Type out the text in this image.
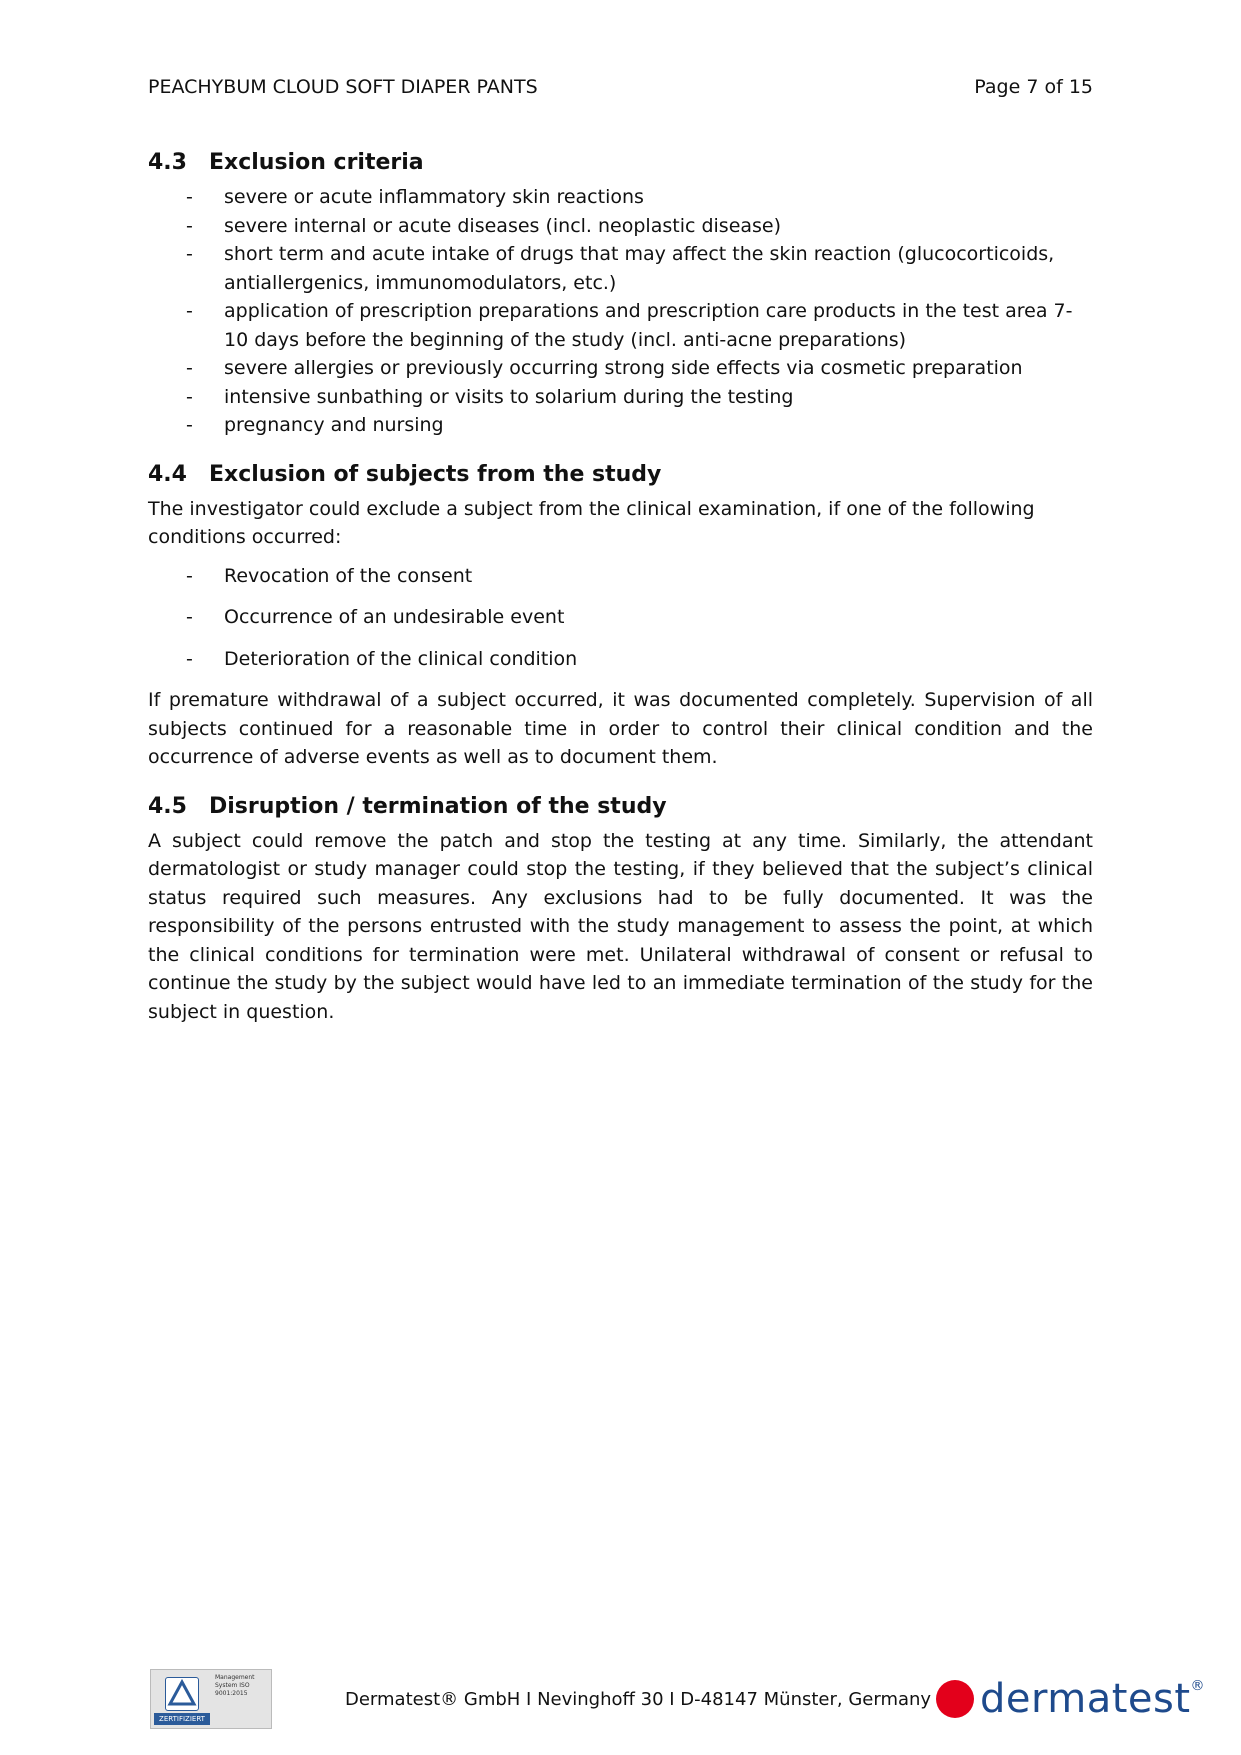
PEACHYBUM CLOUD SOFT DIAPER PANTS	Page 7 of 15
4.3	Exclusion criteria
- severe or acute inflammatory skin reactions
- severe internal or acute diseases (incl. neoplastic disease)
- short term and acute intake of drugs that may affect the skin reaction (glucocorticoids, antiallergenics, immunomodulators, etc.)
- application of prescription preparations and prescription care products in the test area 7-10 days before the beginning of the study (incl. anti-acne preparations)
- severe allergies or previously occurring strong side effects via cosmetic preparation
- intensive sunbathing or visits to solarium during the testing
- pregnancy and nursing
4.4	Exclusion of subjects from the study

The investigator could exclude a subject from the clinical examination, if one of the following conditions occurred:

- Revocation of the consent
- Occurrence of an undesirable event
- Deterioration of the clinical condition

If premature withdrawal of a subject occurred, it was documented completely. Supervision of all subjects continued for a reasonable time in order to control their clinical condition and the occurrence of adverse events as well as to document them.

4.5	Disruption / termination of the study

A subject could remove the patch and stop the testing at any time. Similarly, the attendant dermatologist or study manager could stop the testing, if they believed that the subject’s clinical status required such measures. Any exclusions had to be fully documented. It was the responsibility of the persons entrusted with the study management to assess the point, at which the clinical conditions for termination were met. Unilateral withdrawal of consent or refusal to continue the study by the subject would have led to an immediate termination of the study for the subject in question.

Management System ISO 9001:2015
ZERTIFIZIERT
Dermatest® GmbH I Nevinghoff 30 I D-48147 Münster, Germany dermatest ®
